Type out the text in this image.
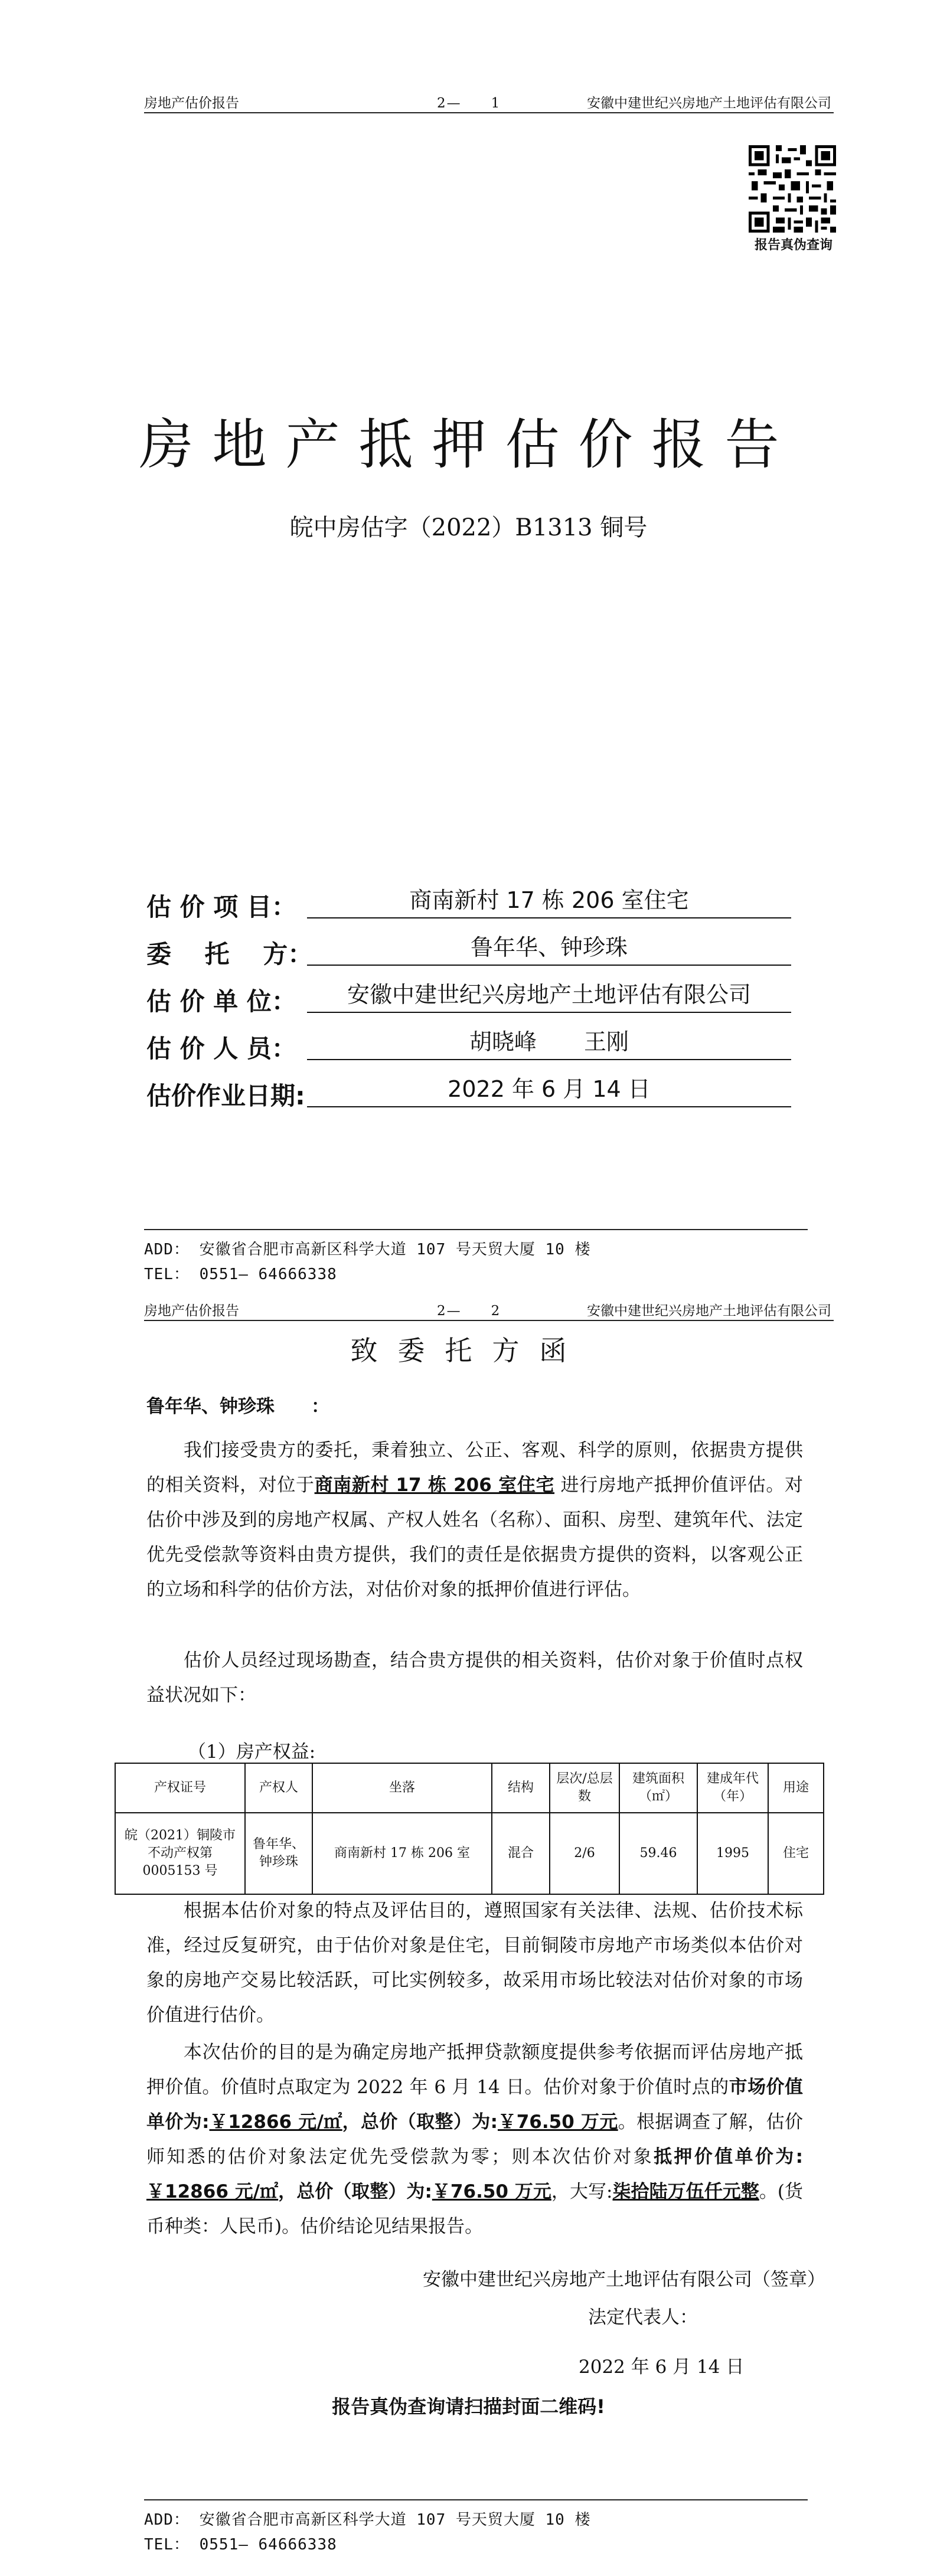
房地产估价报告	2—　　1	安徽中建世纪兴房地产土地评估有限公司
报告真伪查询
房地产抵押估价报告
皖中房估字（2022）B1313 铜号
估 价 项 目：	商南新村 17 栋 206 室住宅
委　 托　 方：	鲁年华、钟珍珠
估 价 单 位：	安徽中建世纪兴房地产土地评估有限公司
估 价 人 员：	胡晓峰 王刚
估价作业日期:	2022 年 6 月 14 日
ADD： 安徽省合肥市高新区科学大道 107 号天贸大厦 10 楼
TEL： 0551— 64666338
房地产估价报告	2—　　2	安徽中建世纪兴房地产土地评估有限公司
致委托方函
鲁年华、钟珍珠　　：
我们接受贵方的委托，秉着独立、公正、客观、科学的原则，依据贵方提供的相关资料，对位于商南新村 17 栋 206 室住宅 进行房地产抵押价值评估。对估价中涉及到的房地产权属、产权人姓名（名称）、面积、房型、建筑年代、法定优先受偿款等资料由贵方提供，我们的责任是依据贵方提供的资料，以客观公正的立场和科学的估价方法，对估价对象的抵押价值进行评估。
估价人员经过现场勘查，结合贵方提供的相关资料，估价对象于价值时点权益状况如下：
（1）房产权益:
产权证号	产权人	坐落	结构	层次/总层数	建筑面积（㎡）	建成年代（年）	用途
皖（2021）铜陵市不动产权第0005153 号	鲁年华、钟珍珠	商南新村 17 栋 206 室	混合	2/6	59.46	1995	住宅
根据本估价对象的特点及评估目的，遵照国家有关法律、法规、估价技术标准，经过反复研究，由于估价对象是住宅，目前铜陵市房地产市场类似本估价对象的房地产交易比较活跃，可比实例较多，故采用市场比较法对估价对象的市场价值进行估价。
本次估价的目的是为确定房地产抵押贷款额度提供参考依据而评估房地产抵押价值。价值时点取定为 2022 年 6 月 14 日。估价对象于价值时点的市场价值单价为:￥12866 元/㎡，总价（取整）为:￥76.50 万元。根据调查了解，估价师知悉的估价对象法定优先受偿款为零；则本次估价对象抵押价值单价为:￥12866 元/㎡，总价（取整）为:￥76.50 万元，大写:柒拾陆万伍仟元整。(货币种类：人民币)。估价结论见结果报告。
安徽中建世纪兴房地产土地评估有限公司（签章）
法定代表人：
2022 年 6 月 14 日
报告真伪查询请扫描封面二维码!
ADD： 安徽省合肥市高新区科学大道 107 号天贸大厦 10 楼
TEL： 0551— 64666338
